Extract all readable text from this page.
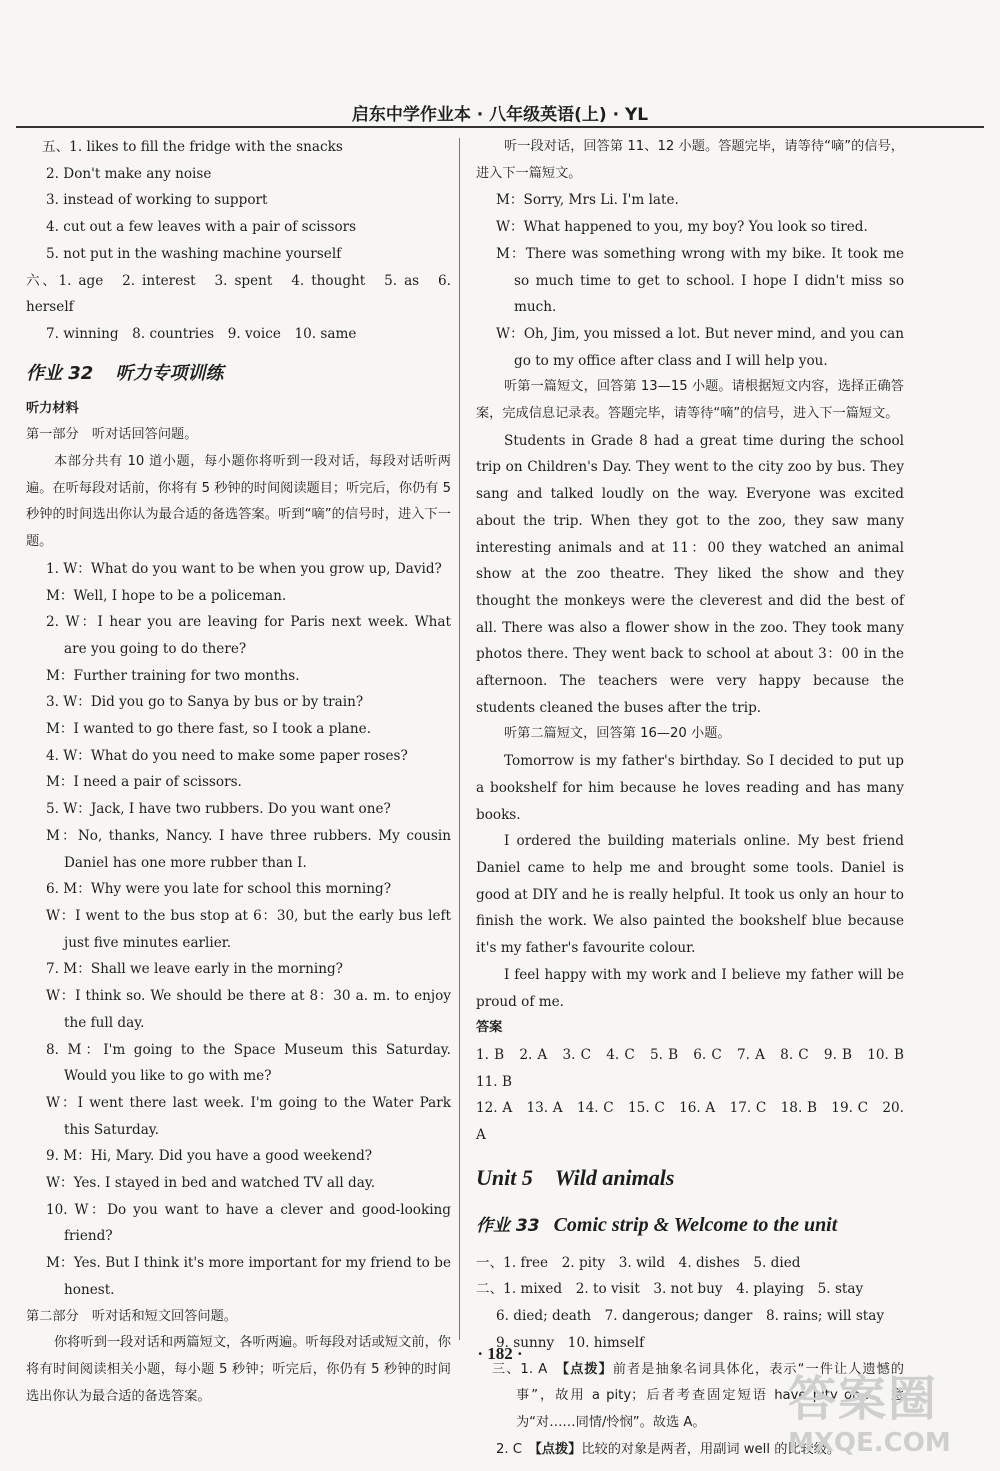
启东中学作业本 · 八年级英语(上) · YL

五、1. likes to fill the fridge with the snacks

2. Don't make any noise

3. instead of working to support

4. cut out a few leaves with a pair of scissors

5. not put in the washing machine yourself

六、1. age　2. interest　3. spent　4. thought　5. as　6. herself

7. winning　8. countries　9. voice　10. same

作业 32 听力专项训练

听力材料

第一部分　听对话回答问题。

本部分共有 10 道小题，每小题你将听到一段对话，每段对话听两遍。在听每段对话前，你将有 5 秒钟的时间阅读题目；听完后，你仍有 5 秒钟的时间选出你认为最合适的备选答案。听到“嘀”的信号时，进入下一题。

1. W：What do you want to be when you grow up, David?

M：Well, I hope to be a policeman.

2. W：I hear you are leaving for Paris next week. What are you going to do there?

M：Further training for two months.

3. W：Did you go to Sanya by bus or by train?

M：I wanted to go there fast, so I took a plane.

4. W：What do you need to make some paper roses?

M：I need a pair of scissors.

5. W：Jack, I have two rubbers. Do you want one?

M：No, thanks, Nancy. I have three rubbers. My cousin Daniel has one more rubber than I.

6. M：Why were you late for school this morning?

W：I went to the bus stop at 6：30, but the early bus left just five minutes earlier.

7. M：Shall we leave early in the morning?

W：I think so. We should be there at 8：30 a. m. to enjoy the full day.

8. M：I'm going to the Space Museum this Saturday. Would you like to go with me?

W：I went there last week. I'm going to the Water Park this Saturday.

9. M：Hi, Mary. Did you have a good weekend?

W：Yes. I stayed in bed and watched TV all day.

10. W：Do you want to have a clever and good-looking friend?

M：Yes. But I think it's more important for my friend to be honest.

第二部分　听对话和短文回答问题。

你将听到一段对话和两篇短文，各听两遍。听每段对话或短文前，你将有时间阅读相关小题，每小题 5 秒钟；听完后，你仍有 5 秒钟的时间选出你认为最合适的备选答案。

听一段对话，回答第 11、12 小题。答题完毕，请等待“嘀”的信号，进入下一篇短文。

M：Sorry, Mrs Li. I'm late.

W：What happened to you, my boy? You look so tired.

M：There was something wrong with my bike. It took me so much time to get to school. I hope I didn't miss so much.

W：Oh, Jim, you missed a lot. But never mind, and you can go to my office after class and I will help you.

听第一篇短文，回答第 13—15 小题。请根据短文内容，选择正确答案，完成信息记录表。答题完毕，请等待“嘀”的信号，进入下一篇短文。

Students in Grade 8 had a great time during the school trip on Children's Day. They went to the city zoo by bus. They sang and talked loudly on the way. Everyone was excited about the trip. When they got to the zoo, they saw many interesting animals and at 11：00 they watched an animal show at the zoo theatre. They liked the show and they thought the monkeys were the cleverest and did the best of all. There was also a flower show in the zoo. They took many photos there. They went back to school at about 3：00 in the afternoon. The teachers were very happy because the students cleaned the buses after the trip.

听第二篇短文，回答第 16—20 小题。

Tomorrow is my father's birthday. So I decided to put up a bookshelf for him because he loves reading and has many books.

I ordered the building materials online. My best friend Daniel came to help me and brought some tools. Daniel is good at DIY and he is really helpful. It took us only an hour to finish the work. We also painted the bookshelf blue because it's my father's favourite colour.

I feel happy with my work and I believe my father will be proud of me.

答案

1. B　2. A　3. C　4. C　5. B　6. C　7. A　8. C　9. B　10. B　11. B

12. A　13. A　14. C　15. C　16. A　17. C　18. B　19. C　20. A

Unit 5　Wild animals
作业 33 Comic strip & Welcome to the unit

一、1. free　2. pity　3. wild　4. dishes　5. died

二、1. mixed　2. to visit　3. not buy　4. playing　5. stay

6. died; death　7. dangerous; danger　8. rains; will stay

9. sunny　10. himself

三、1. A　 【点拨】前者是抽象名词具体化，表示“一件让人遗憾的事”，故用 a pity；后者考查固定短语 have pity on…，意为“对……同情/怜悯”。故选 A。

2. C　 【点拨】比较的对象是两者，用副词 well 的比较级。

· 182 ·
答案圈
MXQE.COM
